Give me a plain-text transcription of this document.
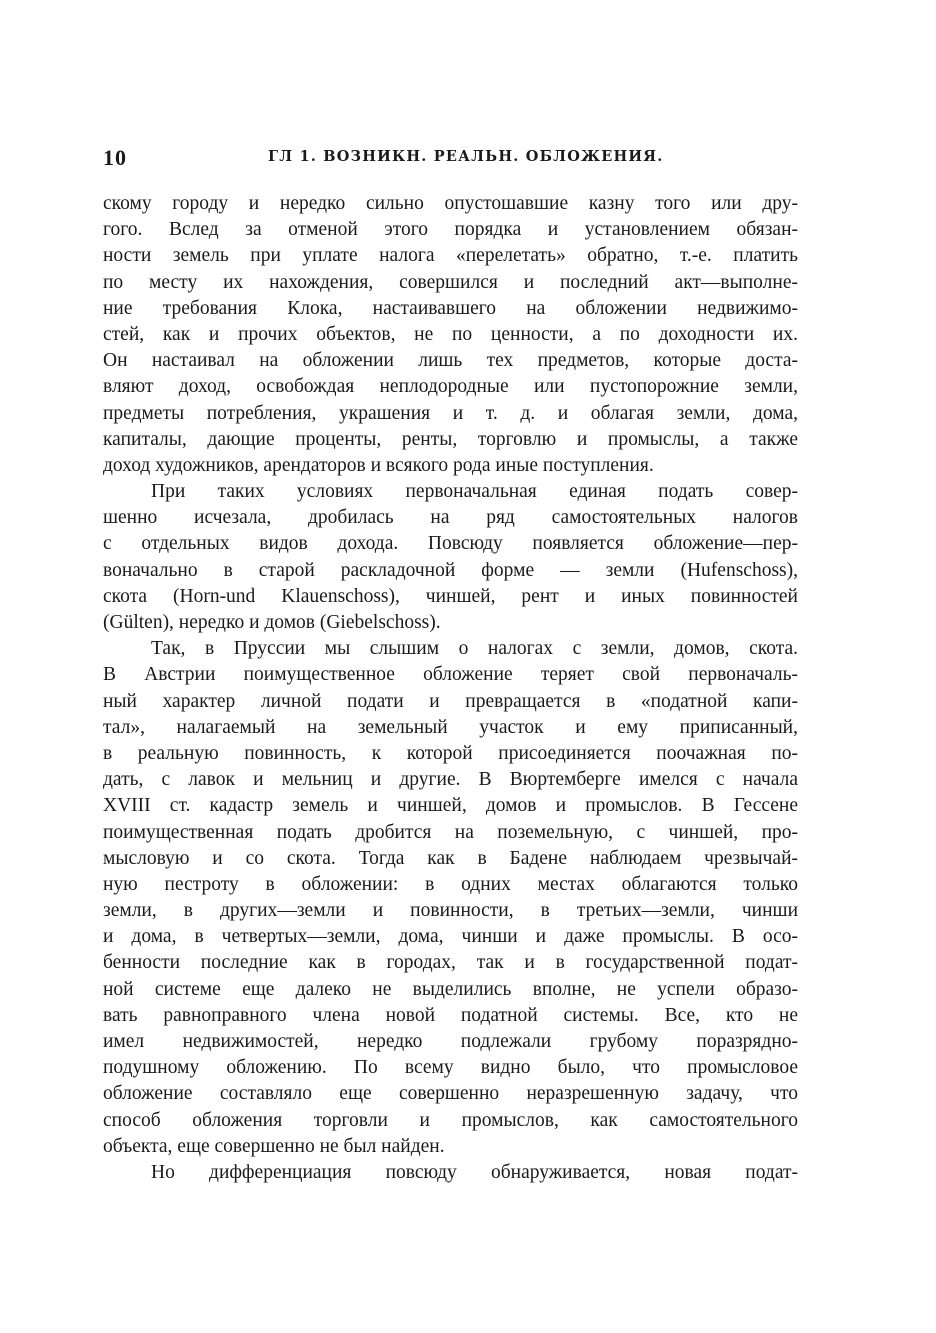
10	ГЛ 1. ВОЗНИКН. РЕАЛЬН. ОБЛОЖЕНИЯ.
скому городу и нередко сильно опустошавшие казну того или дру-
гого. Вслед за отменой этого порядка и установлением обязан-
ности земель при уплате налога «перелетать» обратно, т.-е. платить
по месту их нахождения, совершился и последний акт—выполне-
ние требования Клока, настаивавшего на обложении недвижимо-
стей, как и прочих объектов, не по ценности, а по доходности их.
Он настаивал на обложении лишь тех предметов, которые доста-
вляют доход, освобождая неплодородные или пустопорожние земли,
предметы потребления, украшения и т. д. и облагая земли, дома,
капиталы, дающие проценты, ренты, торговлю и промыслы, а также
доход художников, арендаторов и всякого рода иные поступления.
При таких условиях первоначальная единая подать совер-
шенно исчезала, дробилась на ряд самостоятельных налогов
с отдельных видов дохода. Повсюду появляется обложение—пер-
воначально в старой раскладочной форме — земли (Hufenschoss),
скота (Horn-und Klauenschoss), чиншей, рент и иных повинностей
(Gülten), нередко и домов (Giebelschoss).
Так, в Пруссии мы слышим о налогах с земли, домов, скота.
В Австрии поимущественное обложение теряет свой первоначаль-
ный характер личной подати и превращается в «податной капи-
тал», налагаемый на земельный участок и ему приписанный,
в реальную повинность, к которой присоединяется поочажная по-
дать, с лавок и мельниц и другие. В Вюртемберге имелся с начала
XVIII ст. кадастр земель и чиншей, домов и промыслов. В Гессене
поимущественная подать дробится на поземельную, с чиншей, про-
мысловую и со скота. Тогда как в Бадене наблюдаем чрезвычай-
ную пестроту в обложении: в одних местах облагаются только
земли, в других—земли и повинности, в третьих—земли, чинши
и дома, в четвертых—земли, дома, чинши и даже промыслы. В осо-
бенности последние как в городах, так и в государственной подат-
ной системе еще далеко не выделились вполне, не успели образо-
вать равноправного члена новой податной системы. Все, кто не
имел недвижимостей, нередко подлежали грубому поразрядно-
подушному обложению. По всему видно было, что промысловое
обложение составляло еще совершенно неразрешенную задачу, что
способ обложения торговли и промыслов, как самостоятельного
объекта, еще совершенно не был найден.
Но дифференциация повсюду обнаруживается, новая подат-
